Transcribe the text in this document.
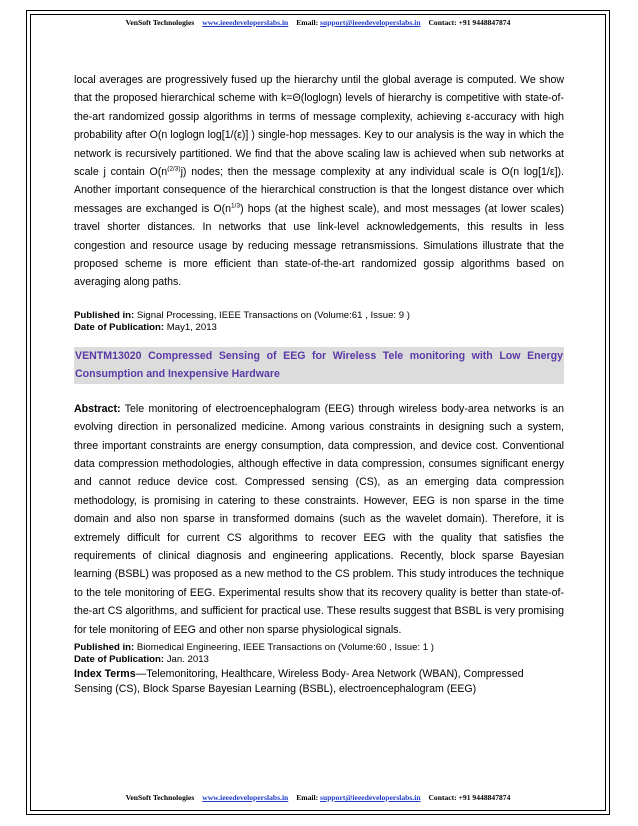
VenSoft Technologies www.ieeedeveloperslabs.in Email: support@ieeedeveloperslabs.in Contact: +91 9448847874

local averages are progressively fused up the hierarchy until the global average is computed. We show that the proposed hierarchical scheme with k=Θ(loglogn) levels of hierarchy is competitive with state-of-the-art randomized gossip algorithms in terms of message complexity, achieving ε-accuracy with high probability after O(n loglogn log[1/(ε)] ) single-hop messages. Key to our analysis is the way in which the network is recursively partitioned. We find that the above scaling law is achieved when sub networks at scale j contain $O(n^{(2/3)}j)$ nodes; then the message complexity at any individual scale is O(n log[1/ε]). Another important consequence of the hierarchical construction is that the longest distance over which messages are exchanged is $O(n^{1/3})$ hops (at the highest scale), and most messages (at lower scales) travel shorter distances. In networks that use link-level acknowledgements, this results in less congestion and resource usage by reducing message retransmissions. Simulations illustrate that the proposed scheme is more efficient than state-of-the-art randomized gossip algorithms based on averaging along paths.

Published in: Signal Processing, IEEE Transactions on (Volume:61 , Issue: 9 )

Date of Publication: May1, 2013

VENTM13020 Compressed Sensing of EEG for Wireless Tele monitoring with Low Energy Consumption and Inexpensive Hardware

Abstract: Tele monitoring of electroencephalogram (EEG) through wireless body-area networks is an evolving direction in personalized medicine. Among various constraints in designing such a system, three important constraints are energy consumption, data compression, and device cost. Conventional data compression methodologies, although effective in data compression, consumes significant energy and cannot reduce device cost. Compressed sensing (CS), as an emerging data compression methodology, is promising in catering to these constraints. However, EEG is non sparse in the time domain and also non sparse in transformed domains (such as the wavelet domain). Therefore, it is extremely difficult for current CS algorithms to recover EEG with the quality that satisfies the requirements of clinical diagnosis and engineering applications. Recently, block sparse Bayesian learning (BSBL) was proposed as a new method to the CS problem. This study introduces the technique to the tele monitoring of EEG. Experimental results show that its recovery quality is better than state-of-the-art CS algorithms, and sufficient for practical use. These results suggest that BSBL is very promising for tele monitoring of EEG and other non sparse physiological signals.

Published in: Biomedical Engineering, IEEE Transactions on (Volume:60 , Issue: 1 )

Date of Publication: Jan. 2013

Index Terms—Telemonitoring, Healthcare, Wireless Body- Area Network (WBAN), Compressed Sensing (CS), Block Sparse Bayesian Learning (BSBL), electroencephalogram (EEG)

VenSoft Technologies www.ieeedeveloperslabs.in Email: support@ieeedeveloperslabs.in Contact: +91 9448847874
